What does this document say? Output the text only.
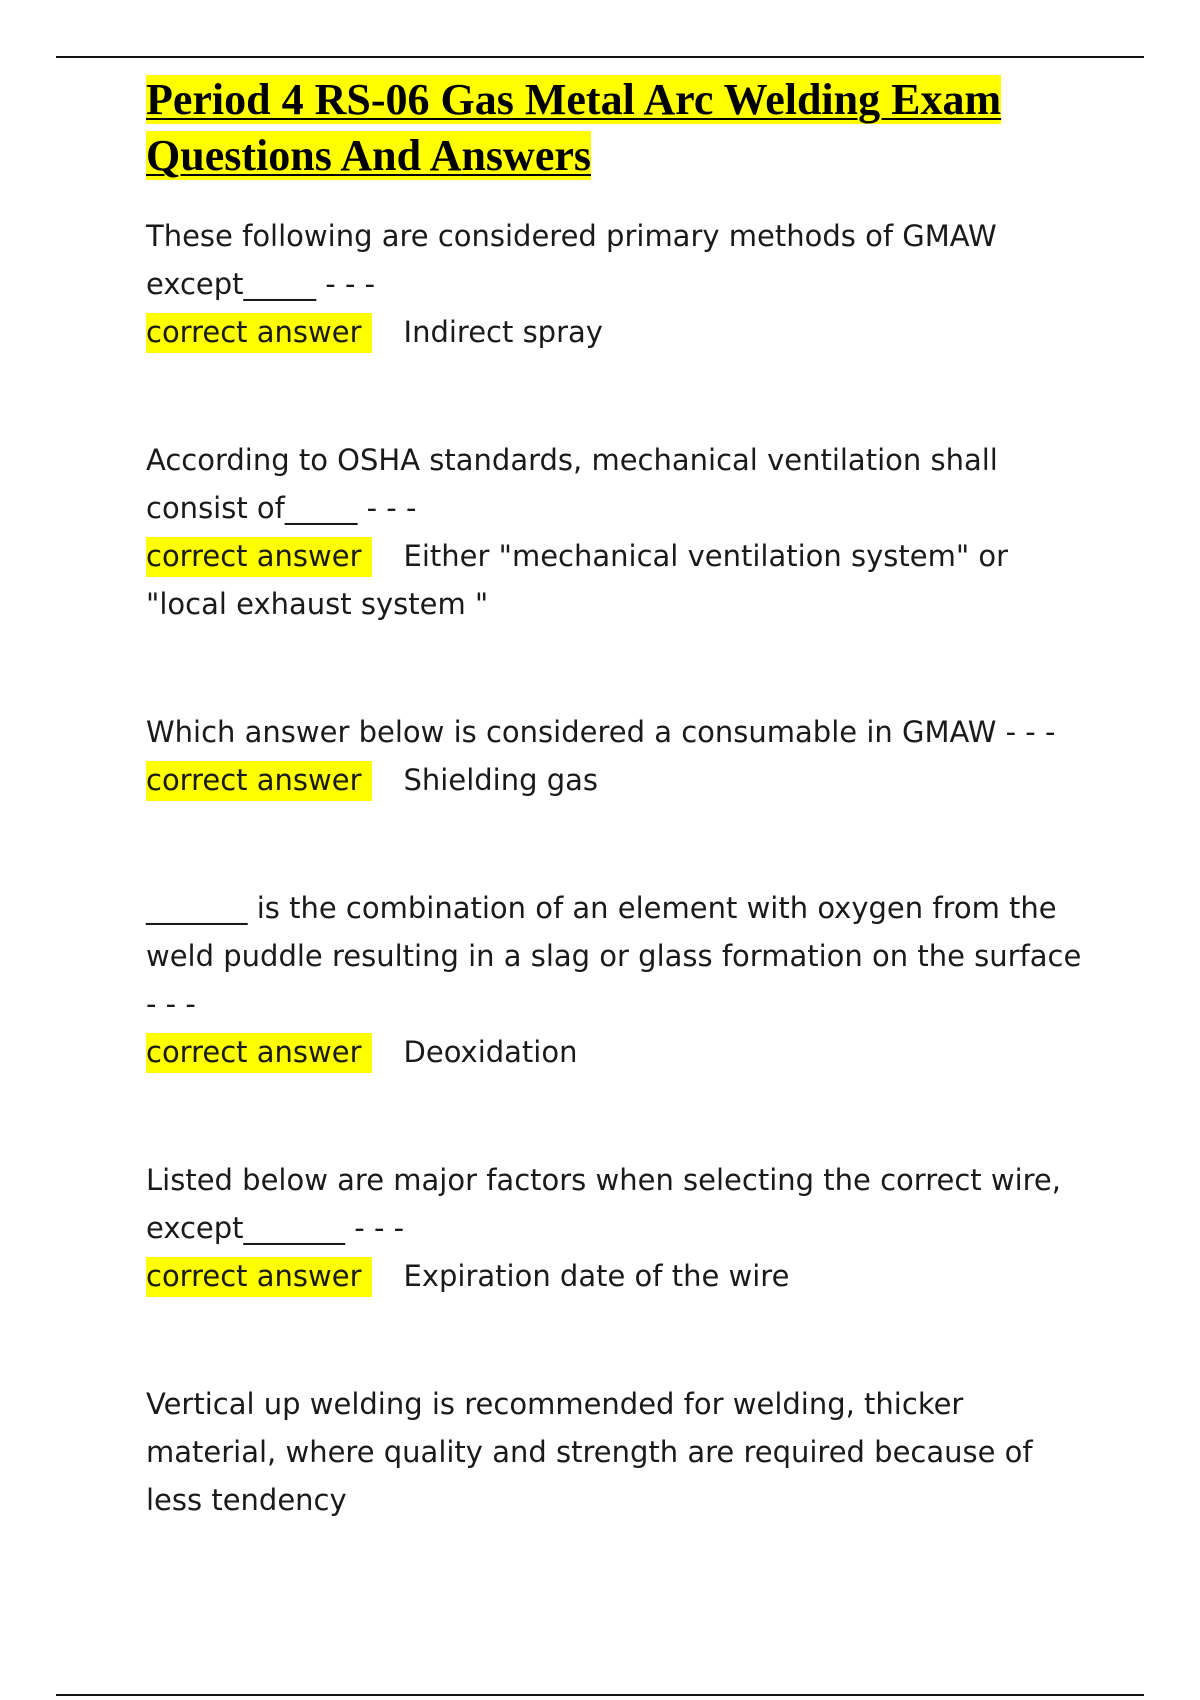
Period 4 RS-06 Gas Metal Arc Welding Exam Questions And Answers

These following are considered primary methods of GMAW except_____ - - -

correct answer Indirect spray

According to OSHA standards, mechanical ventilation shall consist of_____ - - -

correct answer Either "mechanical ventilation system" or "local exhaust system "

Which answer below is considered a consumable in GMAW - - -

correct answer Shielding gas

_______ is the combination of an element with oxygen from the weld puddle resulting in a slag or glass formation on the surface - - -

correct answer Deoxidation

Listed below are major factors when selecting the correct wire, except_______ - - -

correct answer Expiration date of the wire

Vertical up welding is recommended for welding, thicker material, where quality and strength are required because of less tendency
